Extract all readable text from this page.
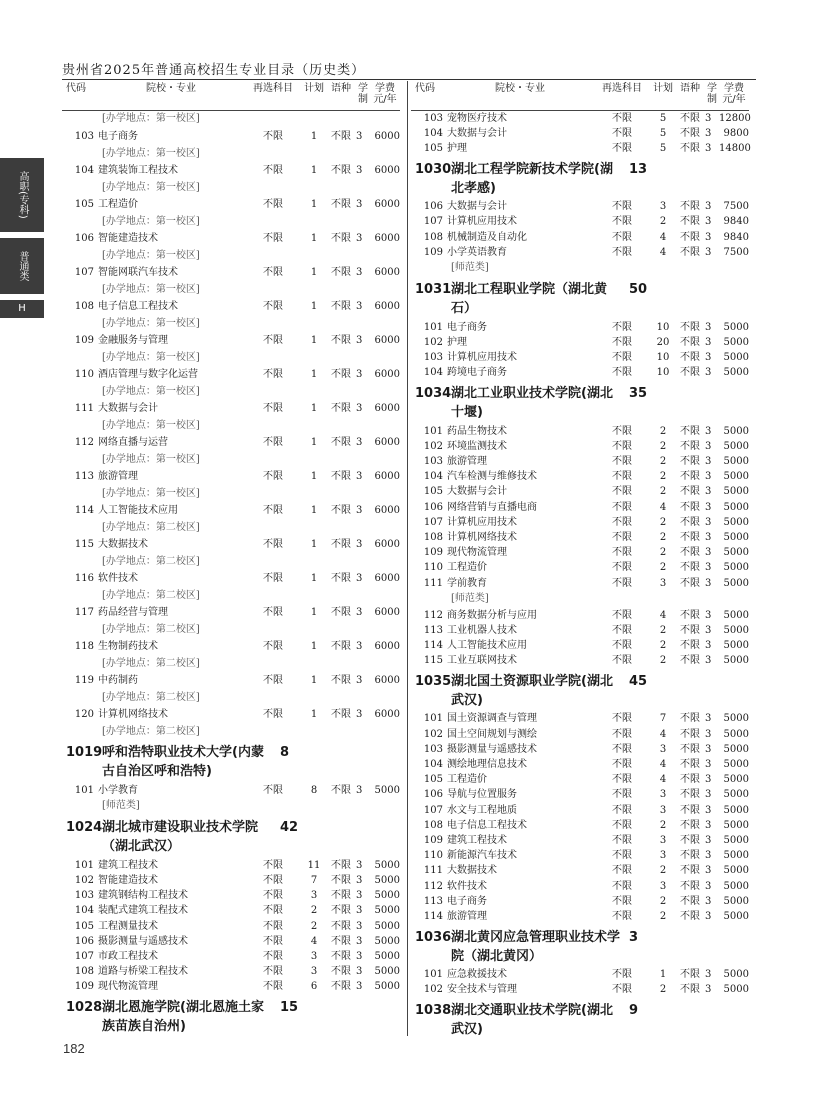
贵州省2025年普通高校招生专业目录（历史类）
高职(专科)
普通类
H
代码	院校・专业	再选科目	计划 语种 学制
学费元/年
[办学地点：第一校区]
103 电子商务	不限	1	不限 3	6000
[办学地点：第一校区]
104 建筑装饰工程技术	不限	1	不限 3	6000
[办学地点：第一校区]
105 工程造价	不限	1	不限 3	6000
[办学地点：第一校区]
106 智能建造技术	不限	1	不限 3	6000
[办学地点：第一校区]
107 智能网联汽车技术	不限	1	不限 3	6000
[办学地点：第一校区]
108 电子信息工程技术	不限	1	不限 3	6000
[办学地点：第一校区]
109 金融服务与管理	不限	1	不限 3	6000
[办学地点：第一校区]
110 酒店管理与数字化运营	不限	1	不限 3	6000
[办学地点：第一校区]
111 大数据与会计	不限	1	不限 3	6000
[办学地点：第一校区]
112 网络直播与运营	不限	1	不限 3	6000
[办学地点：第一校区]
113 旅游管理	不限	1	不限 3	6000
[办学地点：第一校区]
114 人工智能技术应用	不限	1	不限 3	6000
[办学地点：第二校区]
115 大数据技术	不限	1	不限 3	6000
[办学地点：第二校区]
116 软件技术	不限	1	不限 3	6000
[办学地点：第二校区]
117 药品经营与管理	不限	1	不限 3	6000
[办学地点：第二校区]
118 生物制药技术	不限	1	不限 3	6000
[办学地点：第二校区]
119 中药制药	不限	1	不限 3	6000
[办学地点：第二校区]
120 计算机网络技术	不限	1	不限 3	6000
[办学地点：第二校区]
1019 呼和浩特职业技术大学(内蒙古自治区呼和浩特)
8
101 小学教育	不限	8	不限 3	5000
[师范类]
1024 湖北城市建设职业技术学院（湖北武汉）
42
101 建筑工程技术	不限	11	不限 3	5000
102 智能建造技术	不限	7	不限 3	5000
103 建筑钢结构工程技术	不限	3	不限 3	5000
104 装配式建筑工程技术	不限	2	不限 3	5000
105 工程测量技术	不限	2	不限 3	5000
106 摄影测量与遥感技术	不限	4	不限 3	5000
107 市政工程技术	不限	3	不限 3	5000
108 道路与桥梁工程技术	不限	3	不限 3	5000
109 现代物流管理	不限	6	不限 3	5000
1028 湖北恩施学院(湖北恩施土家族苗族自治州)
15
代码	院校・专业	再选科目	计划 语种 学制
学费元/年
103 宠物医疗技术	不限	5	不限 3 12800
104 大数据与会计	不限	5	不限 3	9800
105 护理	不限	5	不限 3 14800
1030 湖北工程学院新技术学院(湖北孝感)
13
106 大数据与会计	不限	3	不限 3	7500
107 计算机应用技术	不限	2	不限 3	9840
108 机械制造及自动化	不限	4	不限 3	9840
109 小学英语教育	不限	4	不限 3	7500
[师范类]
1031 湖北工程职业学院（湖北黄石）
50
101 电子商务	不限	10	不限 3	5000
102 护理	不限	20	不限 3	5000
103 计算机应用技术	不限	10	不限 3	5000
104 跨境电子商务	不限	10	不限 3	5000
1034 湖北工业职业技术学院(湖北十堰)
35
101 药品生物技术	不限	2	不限 3	5000
102 环境监测技术	不限	2	不限 3	5000
103 旅游管理	不限	2	不限 3	5000
104 汽车检测与维修技术	不限	2	不限 3	5000
105 大数据与会计	不限	2	不限 3	5000
106 网络营销与直播电商	不限	4	不限 3	5000
107 计算机应用技术	不限	2	不限 3	5000
108 计算机网络技术	不限	2	不限 3	5000
109 现代物流管理	不限	2	不限 3	5000
110 工程造价	不限	2	不限 3	5000
111 学前教育	不限	3	不限 3	5000
[师范类]
112 商务数据分析与应用	不限	4	不限 3	5000
113 工业机器人技术	不限	2	不限 3	5000
114 人工智能技术应用	不限	2	不限 3	5000
115 工业互联网技术	不限	2	不限 3	5000
1035 湖北国土资源职业学院(湖北武汉)
45
101 国土资源调查与管理	不限	7	不限 3	5000
102 国土空间规划与测绘	不限	4	不限 3	5000
103 摄影测量与遥感技术	不限	3	不限 3	5000
104 测绘地理信息技术	不限	4	不限 3	5000
105 工程造价	不限	4	不限 3	5000
106 导航与位置服务	不限	3	不限 3	5000
107 水文与工程地质	不限	3	不限 3	5000
108 电子信息工程技术	不限	2	不限 3	5000
109 建筑工程技术	不限	3	不限 3	5000
110 新能源汽车技术	不限	3	不限 3	5000
111 大数据技术	不限	2	不限 3	5000
112 软件技术	不限	3	不限 3	5000
113 电子商务	不限	2	不限 3	5000
114 旅游管理	不限	2	不限 3	5000
1036 湖北黄冈应急管理职业技术学院（湖北黄冈）
3
101 应急救援技术	不限	1	不限 3	5000
102 安全技术与管理	不限	2	不限 3	5000
1038 湖北交通职业技术学院(湖北武汉)
9
182
